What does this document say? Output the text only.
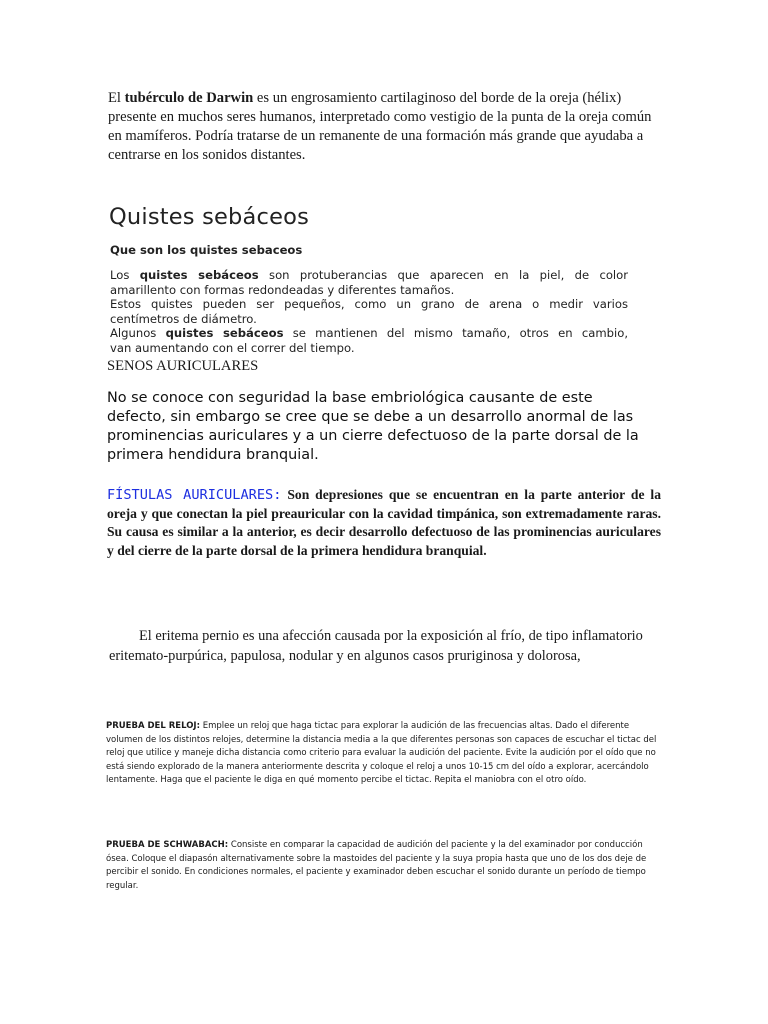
El tubérculo de Darwin es un engrosamiento cartilaginoso del borde de la oreja (hélix) presente en muchos seres humanos, interpretado como vestigio de la punta de la oreja común en mamíferos. Podría tratarse de un remanente de una formación más grande que ayudaba a centrarse en los sonidos distantes.
Quistes sebáceos
Que son los quistes sebaceos

Los quistes sebáceos son protuberancias que aparecen en la piel, de color

amarillento con formas redondeadas y diferentes tamaños.

Estos quistes pueden ser pequeños, como un grano de arena o medir varios

centímetros de diámetro.

Algunos quistes sebáceos se mantienen del mismo tamaño, otros en cambio,

van aumentando con el correr del tiempo.

SENOS AURICULARES
No se conoce con seguridad la base embriológica causante de este defecto, sin embargo se cree que se debe a un desarrollo anormal de las prominencias auriculares y a un cierre defectuoso de la parte dorsal de la primera hendidura branquial.
FÍSTULAS AURICULARES: Son depresiones que se encuentran en la parte anterior de la oreja y que conectan la piel preauricular con la cavidad timpánica, son extremadamente raras. Su causa es similar a la anterior, es decir desarrollo defectuoso de las prominencias auriculares y del cierre de la parte dorsal de la primera hendidura branquial.
El eritema pernio es una afección causada por la exposición al frío, de tipo inflamatorio eritemato-purpúrica, papulosa, nodular y en algunos casos pruriginosa y dolorosa,
PRUEBA DEL RELOJ: Emplee un reloj que haga tictac para explorar la audición de las frecuencias altas. Dado el diferente volumen de los distintos relojes, determine la distancia media a la que diferentes personas son capaces de escuchar el tictac del reloj que utilice y maneje dicha distancia como criterio para evaluar la audición del paciente. Evite la audición por el oído que no está siendo explorado de la manera anteriormente descrita y coloque el reloj a unos 10-15 cm del oído a explorar, acercándolo lentamente. Haga que el paciente le diga en qué momento percibe el tictac. Repita el maniobra con el otro oído.
PRUEBA DE SCHWABACH: Consiste en comparar la capacidad de audición del paciente y la del examinador por conducción ósea. Coloque el diapasón alternativamente sobre la mastoides del paciente y la suya propia hasta que uno de los dos deje de percibir el sonido. En condiciones normales, el paciente y examinador deben escuchar el sonido durante un período de tiempo regular.
